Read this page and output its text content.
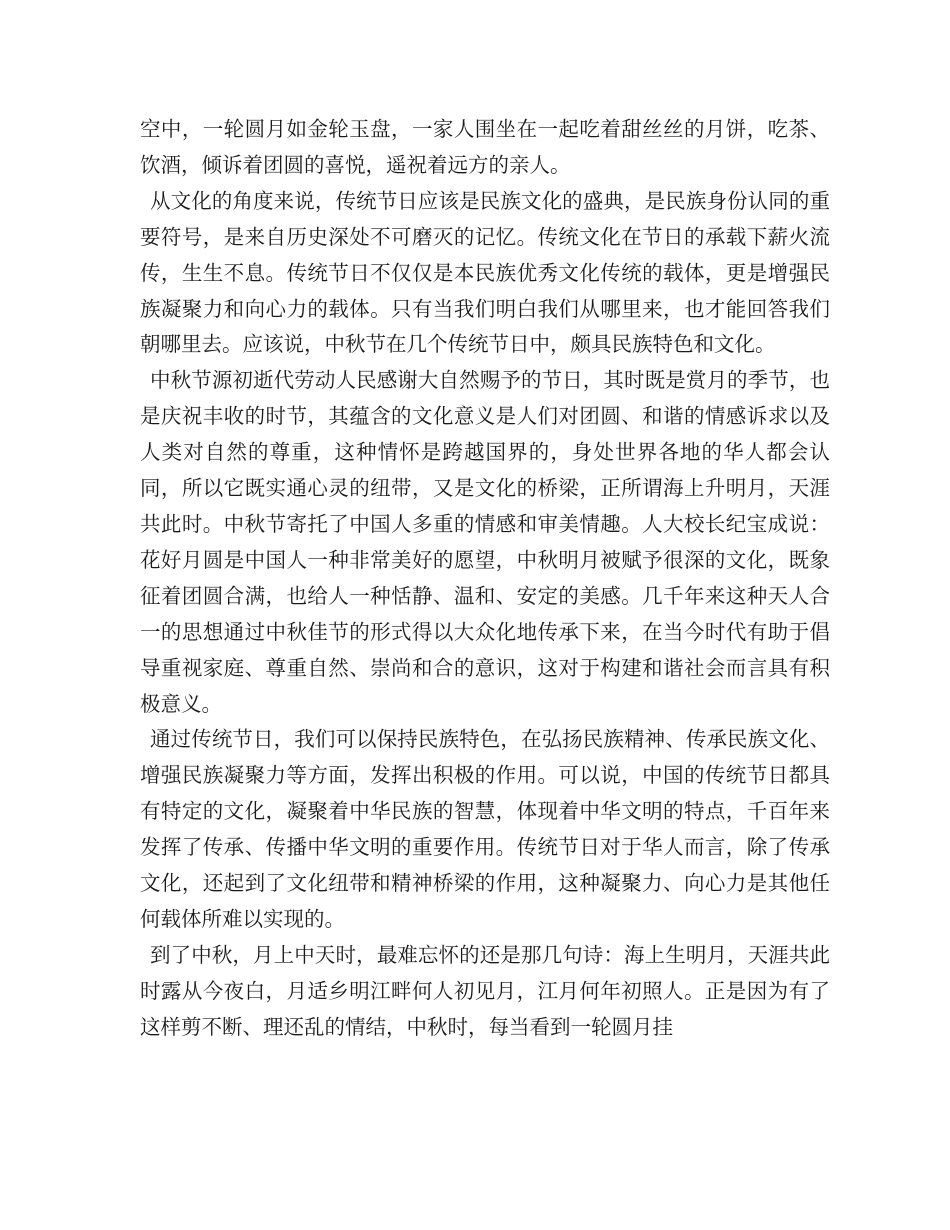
空中，一轮圆月如金轮玉盘，一家人围坐在一起吃着甜丝丝的月饼，吃茶、饮酒，倾诉着团圆的喜悦，遥祝着远方的亲人。

从文化的角度来说，传统节日应该是民族文化的盛典，是民族身份认同的重要符号，是来自历史深处不可磨灭的记忆。传统文化在节日的承载下薪火流传，生生不息。传统节日不仅仅是本民族优秀文化传统的载体，更是增强民族凝聚力和向心力的载体。只有当我们明白我们从哪里来，也才能回答我们朝哪里去。应该说，中秋节在几个传统节日中，颇具民族特色和文化。

中秋节源初逝代劳动人民感谢大自然赐予的节日，其时既是赏月的季节，也是庆祝丰收的时节，其蕴含的文化意义是人们对团圆、和谐的情感诉求以及人类对自然的尊重，这种情怀是跨越国界的，身处世界各地的华人都会认同，所以它既实通心灵的纽带，又是文化的桥梁，正所谓海上升明月，天涯共此时。中秋节寄托了中国人多重的情感和审美情趣。人大校长纪宝成说：花好月圆是中国人一种非常美好的愿望，中秋明月被赋予很深的文化，既象征着团圆合满，也给人一种恬静、温和、安定的美感。几千年来这种天人合一的思想通过中秋佳节的形式得以大众化地传承下来，在当今时代有助于倡导重视家庭、尊重自然、崇尚和合的意识，这对于构建和谐社会而言具有积极意义。

通过传统节日，我们可以保持民族特色，在弘扬民族精神、传承民族文化、增强民族凝聚力等方面，发挥出积极的作用。可以说，中国的传统节日都具有特定的文化，凝聚着中华民族的智慧，体现着中华文明的特点，千百年来发挥了传承、传播中华文明的重要作用。传统节日对于华人而言，除了传承文化，还起到了文化纽带和精神桥梁的作用，这种凝聚力、向心力是其他任何载体所难以实现的。

到了中秋，月上中天时，最难忘怀的还是那几句诗：海上生明月，天涯共此时露从今夜白，月适乡明江畔何人初见月，江月何年初照人。正是因为有了这样剪不断、理还乱的情结，中秋时，每当看到一轮圆月挂
